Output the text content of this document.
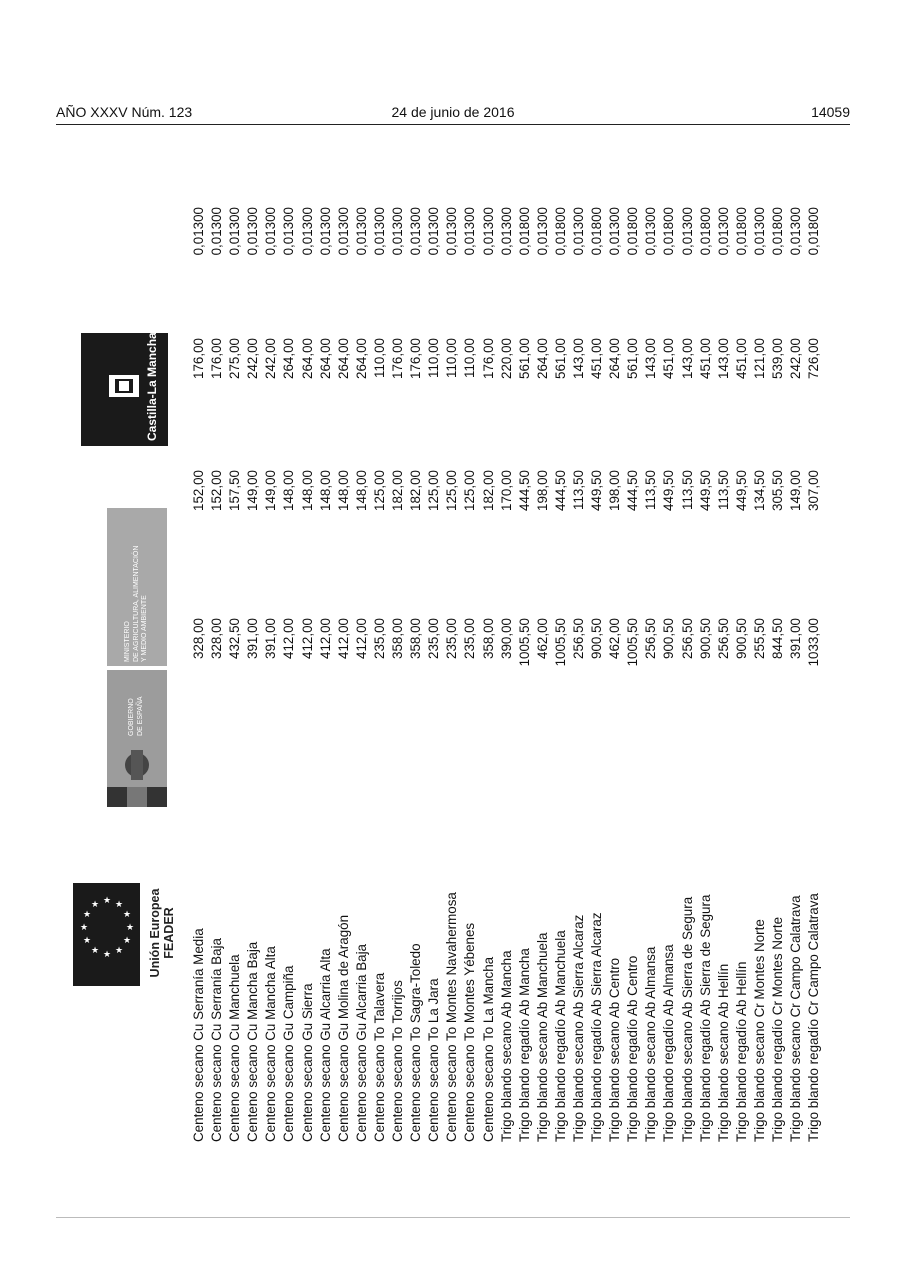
AÑO XXXV Núm. 123	24 de junio de 2016	14059
★ ★
★
★
★
★
★
★
★
★
★
★	Unión Europea FEADER
GOBIERNO DE ESPAÑA
MINISTERIO DE AGRICULTURA, ALIMENTACIÓN Y MEDIO AMBIENTE
Castilla-La Mancha
Centeno secano Cu Serranía Media	328,00	152,00	176,00	0,01300
Centeno secano Cu Serranía Baja	328,00	152,00	176,00	0,01300
Centeno secano Cu Manchuela	432,50	157,50	275,00	0,01300
Centeno secano Cu Mancha Baja	391,00	149,00	242,00	0,01300
Centeno secano Cu Mancha Alta	391,00	149,00	242,00	0,01300
Centeno secano Gu Campiña	412,00	148,00	264,00	0,01300
Centeno secano Gu Sierra	412,00	148,00	264,00	0,01300
Centeno secano Gu Alcarria Alta	412,00	148,00	264,00	0,01300
Centeno secano Gu Molina de Aragón	412,00	148,00	264,00	0,01300
Centeno secano Gu Alcarria Baja	412,00	148,00	264,00	0,01300
Centeno secano To Talavera	235,00	125,00	110,00	0,01300
Centeno secano To Torrijos	358,00	182,00	176,00	0,01300
Centeno secano To Sagra-Toledo	358,00	182,00	176,00	0,01300
Centeno secano To La Jara	235,00	125,00	110,00	0,01300
Centeno secano To Montes Navahermosa	235,00	125,00	110,00	0,01300
Centeno secano To Montes Yébenes	235,00	125,00	110,00	0,01300
Centeno secano To La Mancha	358,00	182,00	176,00	0,01300
Trigo blando secano Ab Mancha	390,00	170,00	220,00	0,01300
Trigo blando regadío Ab Mancha	1005,50	444,50	561,00	0,01800
Trigo blando secano Ab Manchuela	462,00	198,00	264,00	0,01300
Trigo blando regadío Ab Manchuela	1005,50	444,50	561,00	0,01800
Trigo blando secano Ab Sierra Alcaraz	256,50	113,50	143,00	0,01300
Trigo blando regadío Ab Sierra Alcaraz	900,50	449,50	451,00	0,01800
Trigo blando secano Ab Centro	462,00	198,00	264,00	0,01300
Trigo blando regadío Ab Centro	1005,50	444,50	561,00	0,01800
Trigo blando secano Ab Almansa	256,50	113,50	143,00	0,01300
Trigo blando regadío Ab Almansa	900,50	449,50	451,00	0,01800
Trigo blando secano Ab Sierra de Segura	256,50	113,50	143,00	0,01300
Trigo blando regadío Ab Sierra de Segura	900,50	449,50	451,00	0,01800
Trigo blando secano Ab Hellín	256,50	113,50	143,00	0,01300
Trigo blando regadío Ab Hellín	900,50	449,50	451,00	0,01800
Trigo blando secano Cr Montes Norte	255,50	134,50	121,00	0,01300
Trigo blando regadío Cr Montes Norte	844,50	305,50	539,00	0,01800
Trigo blando secano Cr Campo Calatrava	391,00	149,00	242,00	0,01300
Trigo blando regadío Cr Campo Calatrava	1033,00	307,00	726,00	0,01800
